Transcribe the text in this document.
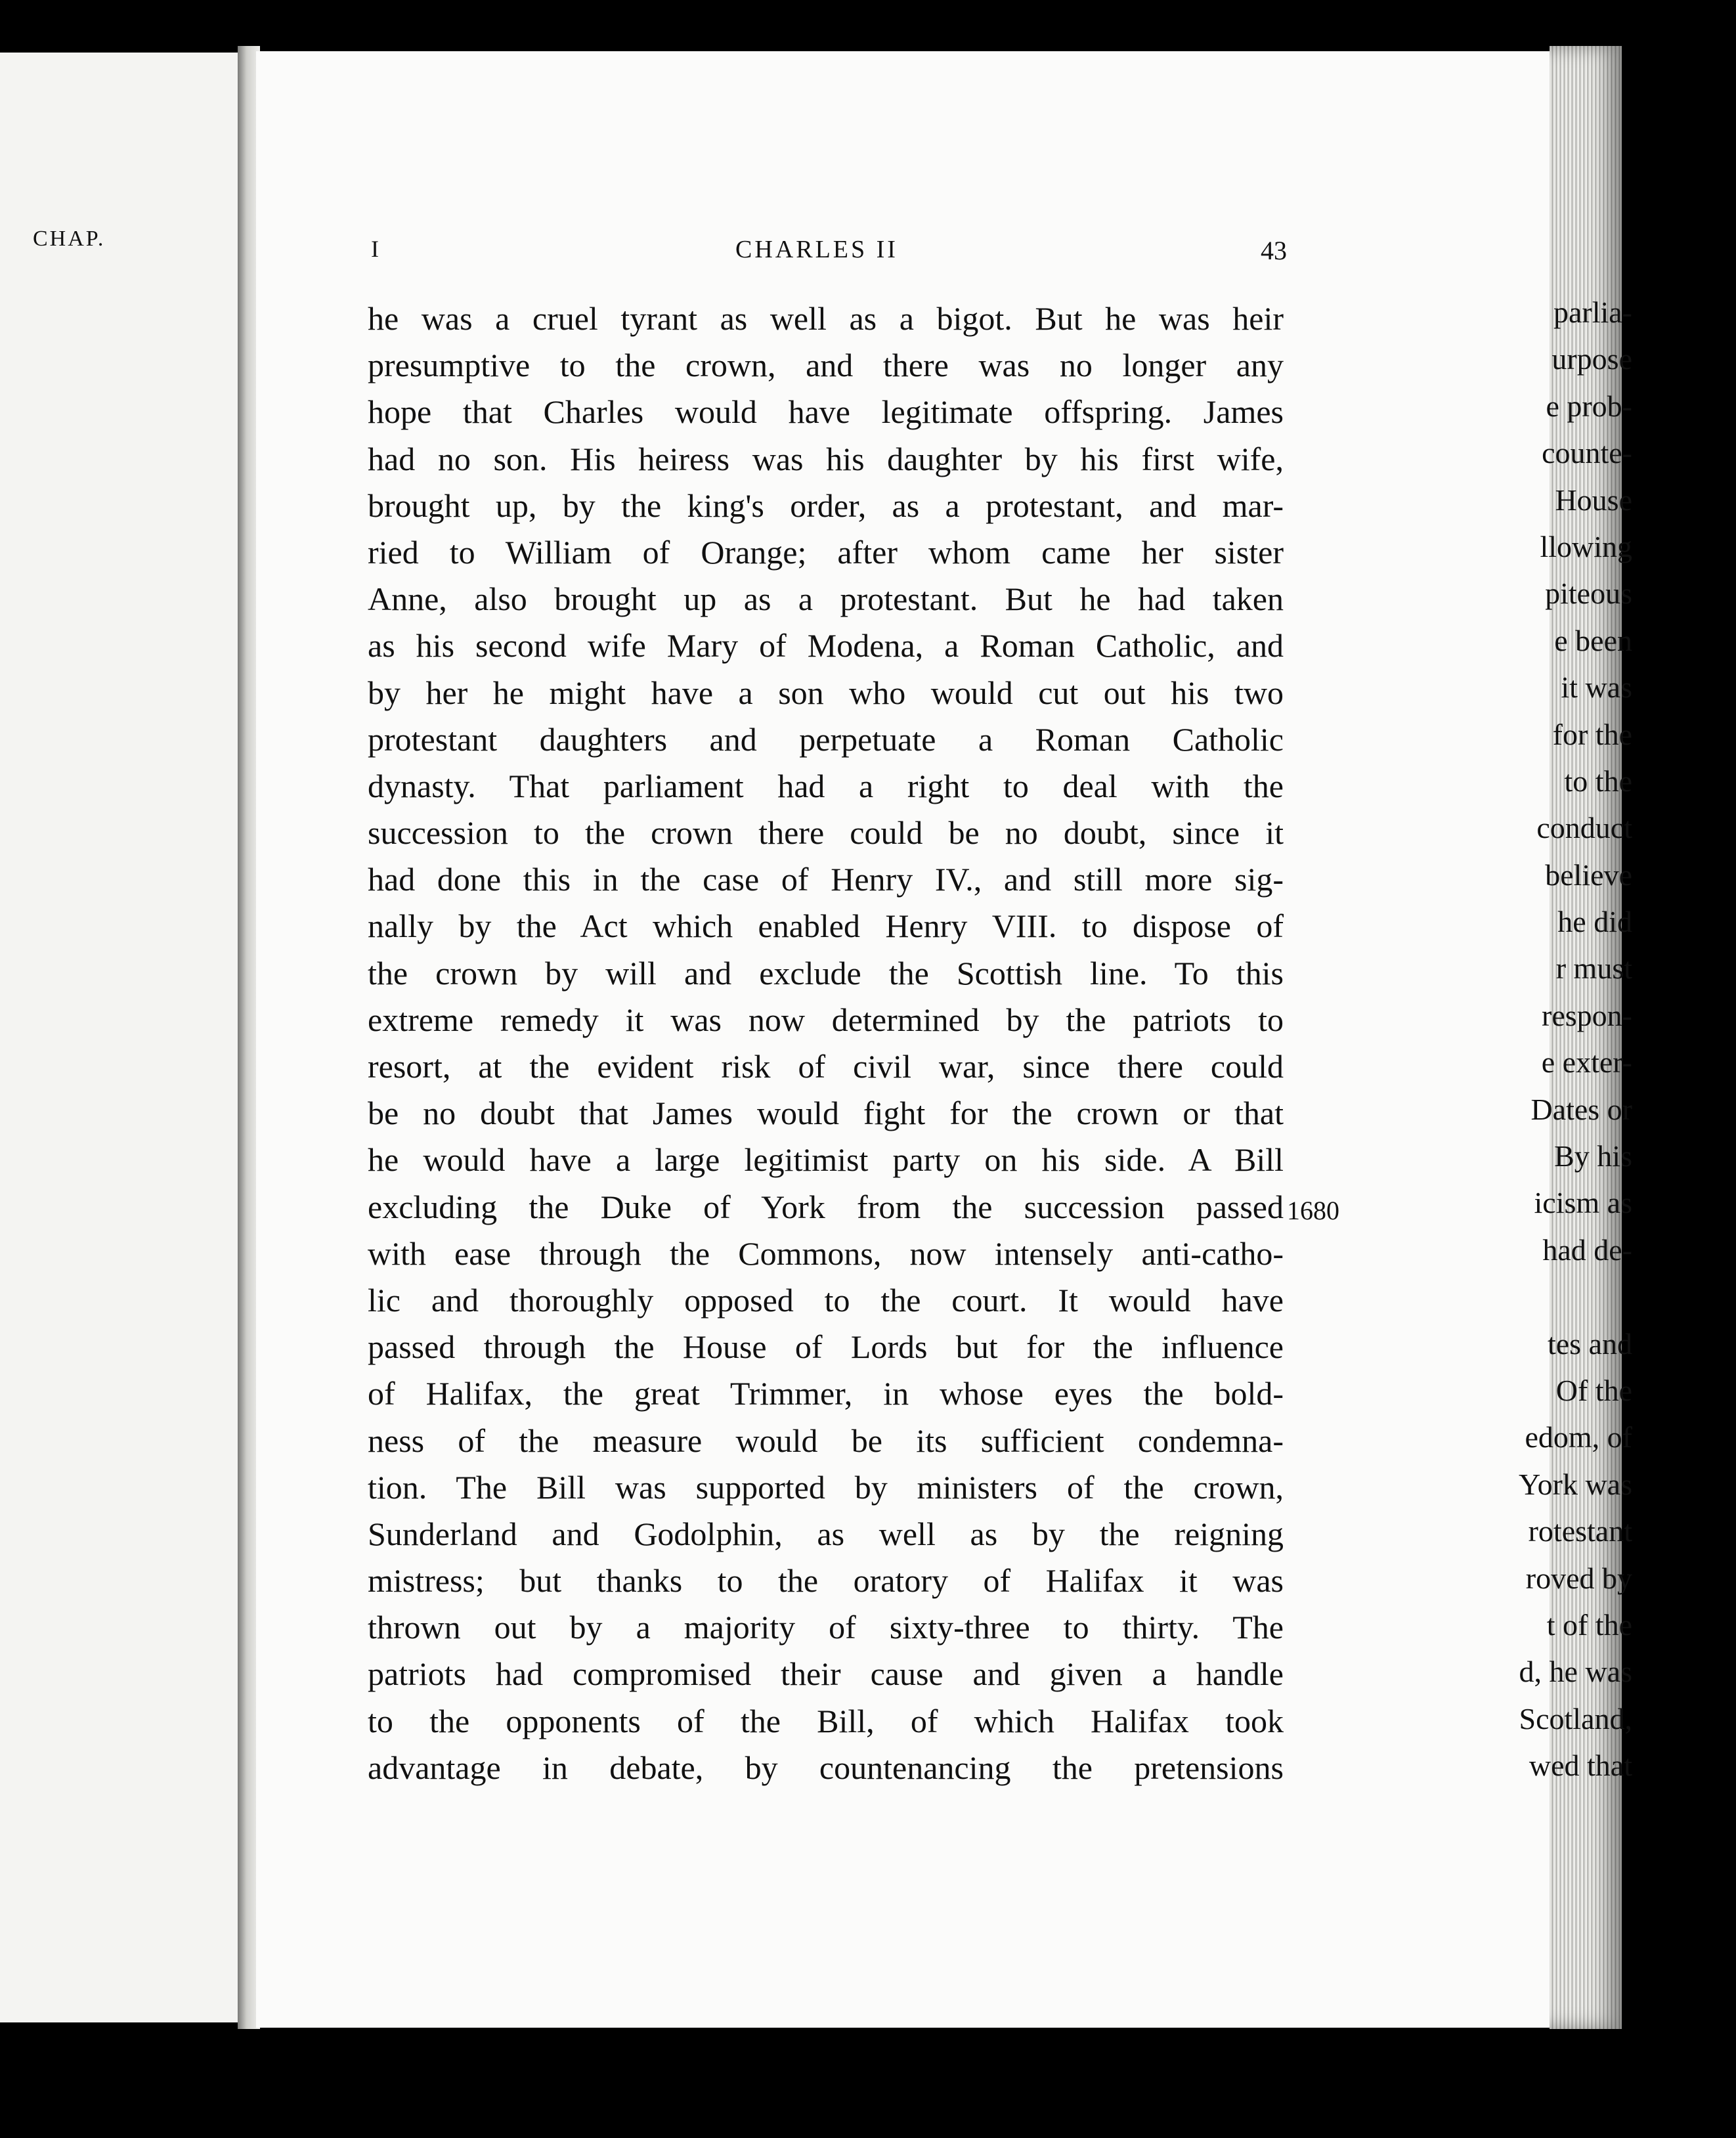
CHAP.
parlia-
urpose
e prob-
counte-
House
llowing
piteous
e been
it was
for the
to the
conduct
believe
he did
r must
respon-
e exter-
Dates or
By his
icism as
had de-
tes and
Of the
edom, of
York was
rotestant
roved by
t of the
d, he was
Scotland,
wed that
I	CHARLES II	43
he was a cruel tyrant as well as a bigot. But he was heir
presumptive to the crown, and there was no longer any
hope that Charles would have legitimate offspring. James
had no son. His heiress was his daughter by his first wife,
brought up, by the king's order, as a protestant, and mar-
ried to William of Orange; after whom came her sister
Anne, also brought up as a protestant. But he had taken
as his second wife Mary of Modena, a Roman Catholic, and
by her he might have a son who would cut out his two
protestant daughters and perpetuate a Roman Catholic
dynasty. That parliament had a right to deal with the
succession to the crown there could be no doubt, since it
had done this in the case of Henry IV., and still more sig-
nally by the Act which enabled Henry VIII. to dispose of
the crown by will and exclude the Scottish line. To this
extreme remedy it was now determined by the patriots to
resort, at the evident risk of civil war, since there could
be no doubt that James would fight for the crown or that
he would have a large legitimist party on his side. A Bill
excluding the Duke of York from the succession passed
with ease through the Commons, now intensely anti-catho-
lic and thoroughly opposed to the court. It would have
passed through the House of Lords but for the influence
of Halifax, the great Trimmer, in whose eyes the bold-
ness of the measure would be its sufficient condemna-
tion. The Bill was supported by ministers of the crown,
Sunderland and Godolphin, as well as by the reigning
mistress; but thanks to the oratory of Halifax it was
thrown out by a majority of sixty-three to thirty. The
patriots had compromised their cause and given a handle
to the opponents of the Bill, of which Halifax took
advantage in debate, by countenancing the pretensions
1680
